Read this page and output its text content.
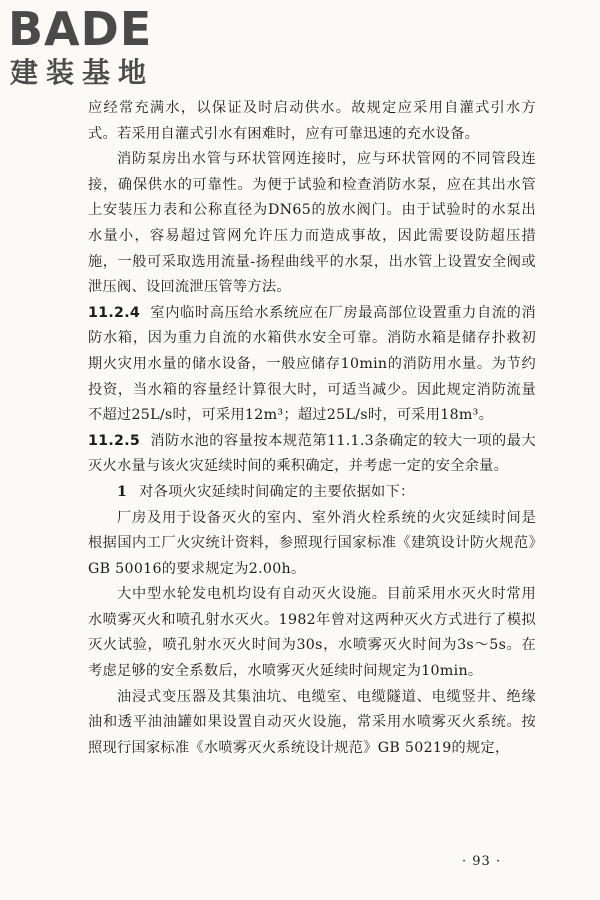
BADE
建装基地

应经常充满水，以保证及时启动供水。故规定应采用自灌式引水方式。若采用自灌式引水有困难时，应有可靠迅速的充水设备。

消防泵房出水管与环状管网连接时，应与环状管网的不同管段连接，确保供水的可靠性。为便于试验和检查消防水泵，应在其出水管上安装压力表和公称直径为DN65的放水阀门。由于试验时的水泵出水量小，容易超过管网允许压力而造成事故，因此需要设防超压措施，一般可采取选用流量-扬程曲线平的水泵，出水管上设置安全阀或泄压阀、设回流泄压管等方法。

11.2.4 室内临时高压给水系统应在厂房最高部位设置重力自流的消防水箱，因为重力自流的水箱供水安全可靠。消防水箱是储存扑救初期火灾用水量的储水设备，一般应储存10min的消防用水量。为节约投资，当水箱的容量经计算很大时，可适当减少。因此规定消防流量不超过25L/s时，可采用12m³；超过25L/s时，可采用18m³。

11.2.5 消防水池的容量按本规范第11.1.3条确定的较大一项的最大灭火水量与该火灾延续时间的乘积确定，并考虑一定的安全余量。

1 对各项火灾延续时间确定的主要依据如下：

厂房及用于设备灭火的室内、室外消火栓系统的火灾延续时间是根据国内工厂火灾统计资料，参照现行国家标准《建筑设计防火规范》GB 50016的要求规定为2.00h。

大中型水轮发电机均设有自动灭火设施。目前采用水灭火时常用水喷雾灭火和喷孔射水灭火。1982年曾对这两种灭火方式进行了模拟灭火试验，喷孔射水灭火时间为30s，水喷雾灭火时间为3s～5s。在考虑足够的安全系数后，水喷雾灭火延续时间规定为10min。

油浸式变压器及其集油坑、电缆室、电缆隧道、电缆竖井、绝缘油和透平油油罐如果设置自动灭火设施，常采用水喷雾灭火系统。按照现行国家标准《水喷雾灭火系统设计规范》GB 50219的规定，

· 93 ·
